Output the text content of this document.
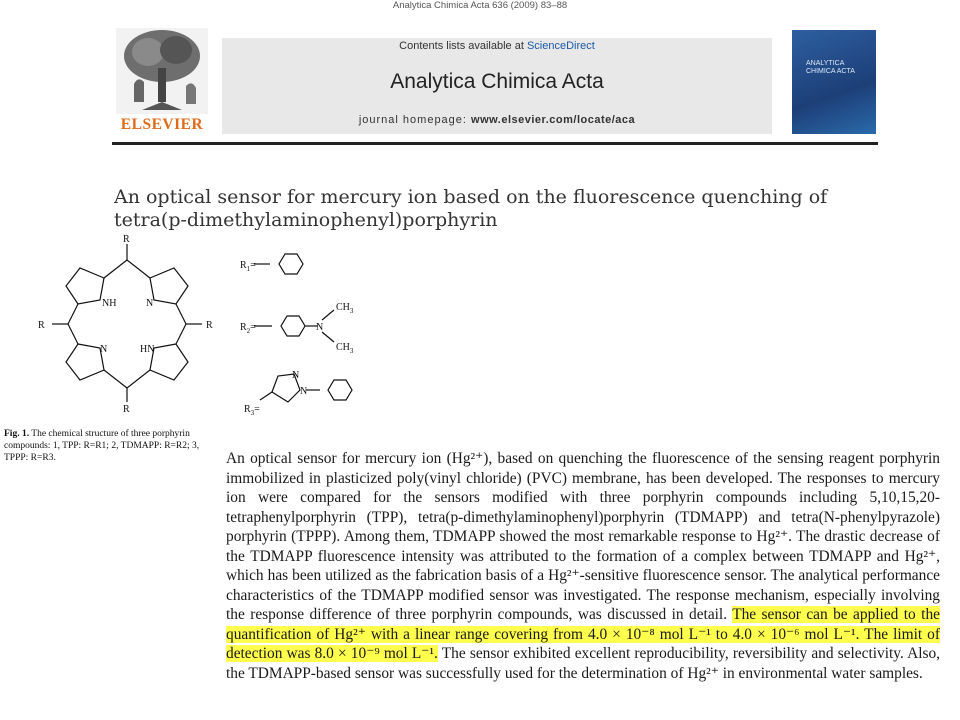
Analytica Chimica Acta 636 (2009) 83–88
ELSEVIER
Contents lists available at ScienceDirect
Analytica Chimica Acta
journal homepage: www.elsevier.com/locate/aca
ANALYTICA CHIMICA ACTA
An optical sensor for mercury ion based on the fluorescence quenching of tetra(p-dimethylaminophenyl)porphyrin
R
R	R
R
NH	N
N	HN
$R_1=$
$R_2=$	N
$CH_3$
$CH_3$
$R_3=$
N
N
Fig. 1. The chemical structure of three porphyrin compounds: 1, TPP: R=R1; 2, TDMAPP: R=R2; 3, TPPP: R=R3.	An optical sensor for mercury ion (Hg²⁺), based on quenching the fluorescence of the sensing reagent porphyrin immobilized in plasticized poly(vinyl chloride) (PVC) membrane, has been developed. The responses to mercury ion were compared for the sensors modified with three porphyrin compounds including 5,10,15,20-tetraphenylporphyrin (TPP), tetra(p-dimethylaminophenyl)porphyrin (TDMAPP) and tetra(N-phenylpyrazole) porphyrin (TPPP). Among them, TDMAPP showed the most remarkable response to Hg²⁺. The drastic decrease of the TDMAPP fluorescence intensity was attributed to the formation of a complex between TDMAPP and Hg²⁺, which has been utilized as the fabrication basis of a Hg²⁺-sensitive fluorescence sensor. The analytical performance characteristics of the TDMAPP modified sensor was investigated. The response mechanism, especially involving the response difference of three porphyrin compounds, was discussed in detail. The sensor can be applied to the quantification of Hg²⁺ with a linear range covering from 4.0 × 10⁻⁸ mol L⁻¹ to 4.0 × 10⁻⁶ mol L⁻¹. The limit of detection was 8.0 × 10⁻⁹ mol L⁻¹. The sensor exhibited excellent reproducibility, reversibility and selectivity. Also, the TDMAPP-based sensor was successfully used for the determination of Hg²⁺ in environmental water samples.
